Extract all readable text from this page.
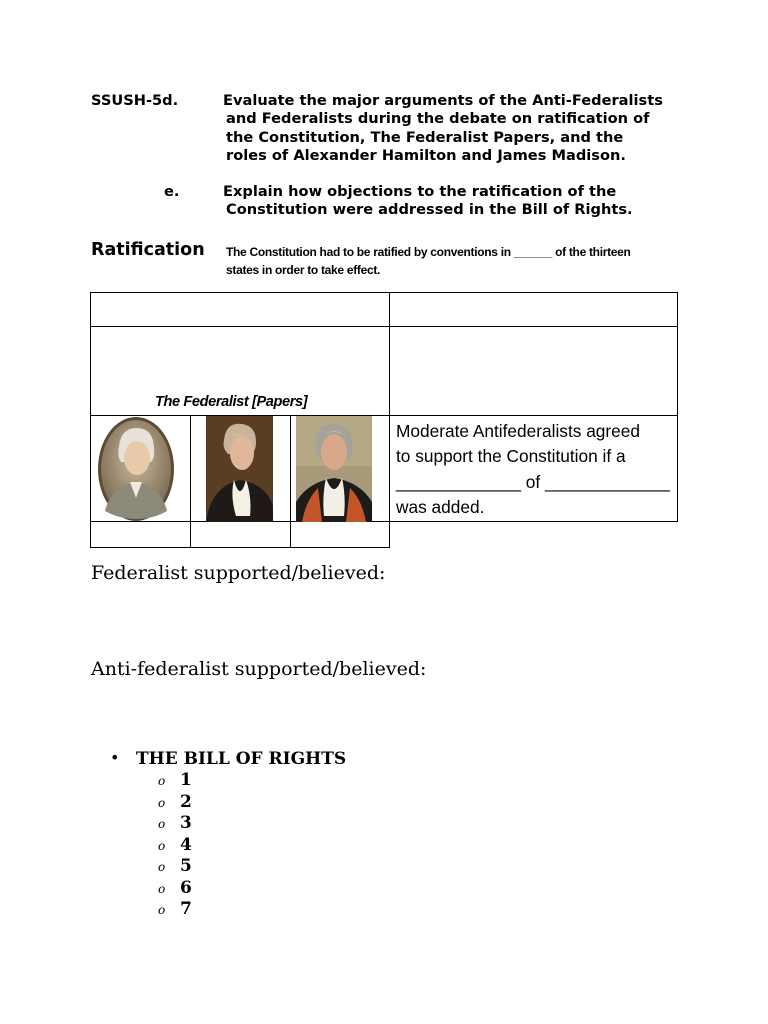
SSUSH-5d.	Evaluate the major arguments of the Anti-Federalists
and Federalists during the debate on ratification of
the Constitution, The Federalist Papers, and the
roles of Alexander Hamilton and James Madison.
e.	Explain how objections to the ratification of the
Constitution were addressed in the Bill of Rights.
Ratification The Constitution had to be ratified by conventions in ______ of the thirteen
states in order to take effect.
The Federalist [Papers]
Moderate Antifederalists agreed
to support the Constitution if a
_____________ of _____________
was added.
Federalist supported/believed:
Anti-federalist supported/believed:
• THE BILL OF RIGHTS
o 1
o 2
o 3
o 4
o 5
o 6
o 7
